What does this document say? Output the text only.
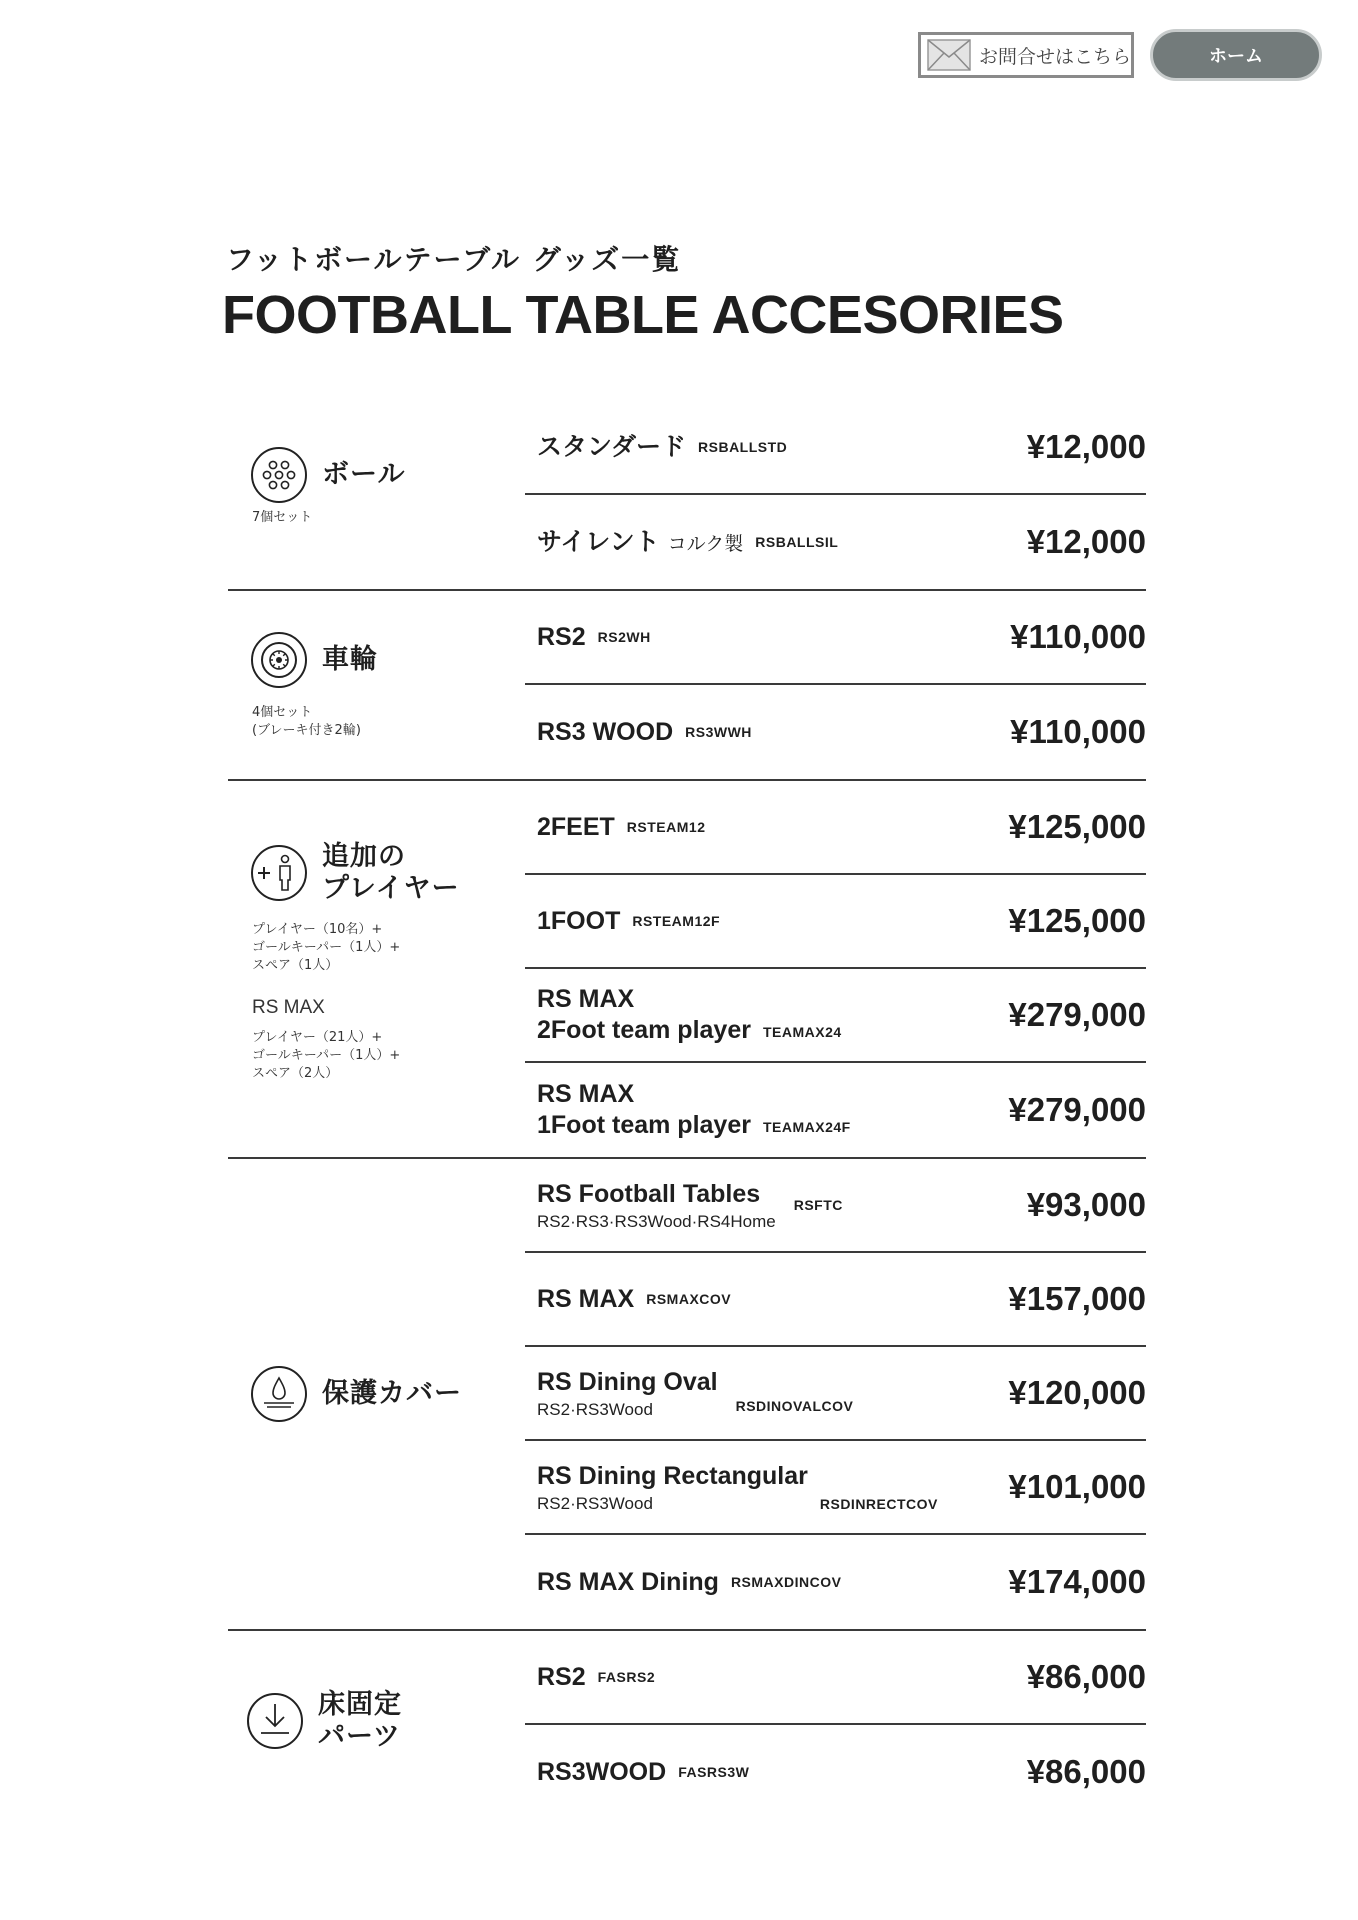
お問合せはこちら	ホーム
フットボールテーブル グッズ一覧
FOOTBALL TABLE ACCESORIES
ボール
7個セット
スタンダード RSBALLSTD	¥12,000
サイレント コルク製 RSBALLSIL	¥12,000
車輪
4個セット
(ブレーキ付き2輪)
RS2 RS2WH	¥110,000
RS3 WOOD RS3WWH	¥110,000
追加の
プレイヤー
プレイヤー（10名）+
ゴールキーパー（1人）+
スペア（1人）
RS MAX
プレイヤー（21人）+
ゴールキーパー（1人）+
スペア（2人）
2FEET RSTEAM12	¥125,000
1FOOT RSTEAM12F	¥125,000
RS MAX
2Foot team player TEAMAX24	¥279,000
RS MAX
1Foot team player TEAMAX24F	¥279,000
保護カバー
RS Football Tables
RS2·RS3·RS3Wood·RS4Home
RSFTC	¥93,000
RS MAX RSMAXCOV	¥157,000
RS Dining Oval
RS2·RS3Wood	RSDINOVALCOV	¥120,000
RS Dining Rectangular
RS2·RS3Wood	RSDINRECTCOV ¥101,000
RS MAX Dining RSMAXDINCOV	¥174,000
床固定
パーツ
RS2 FASRS2	¥86,000
RS3WOOD FASRS3W	¥86,000
